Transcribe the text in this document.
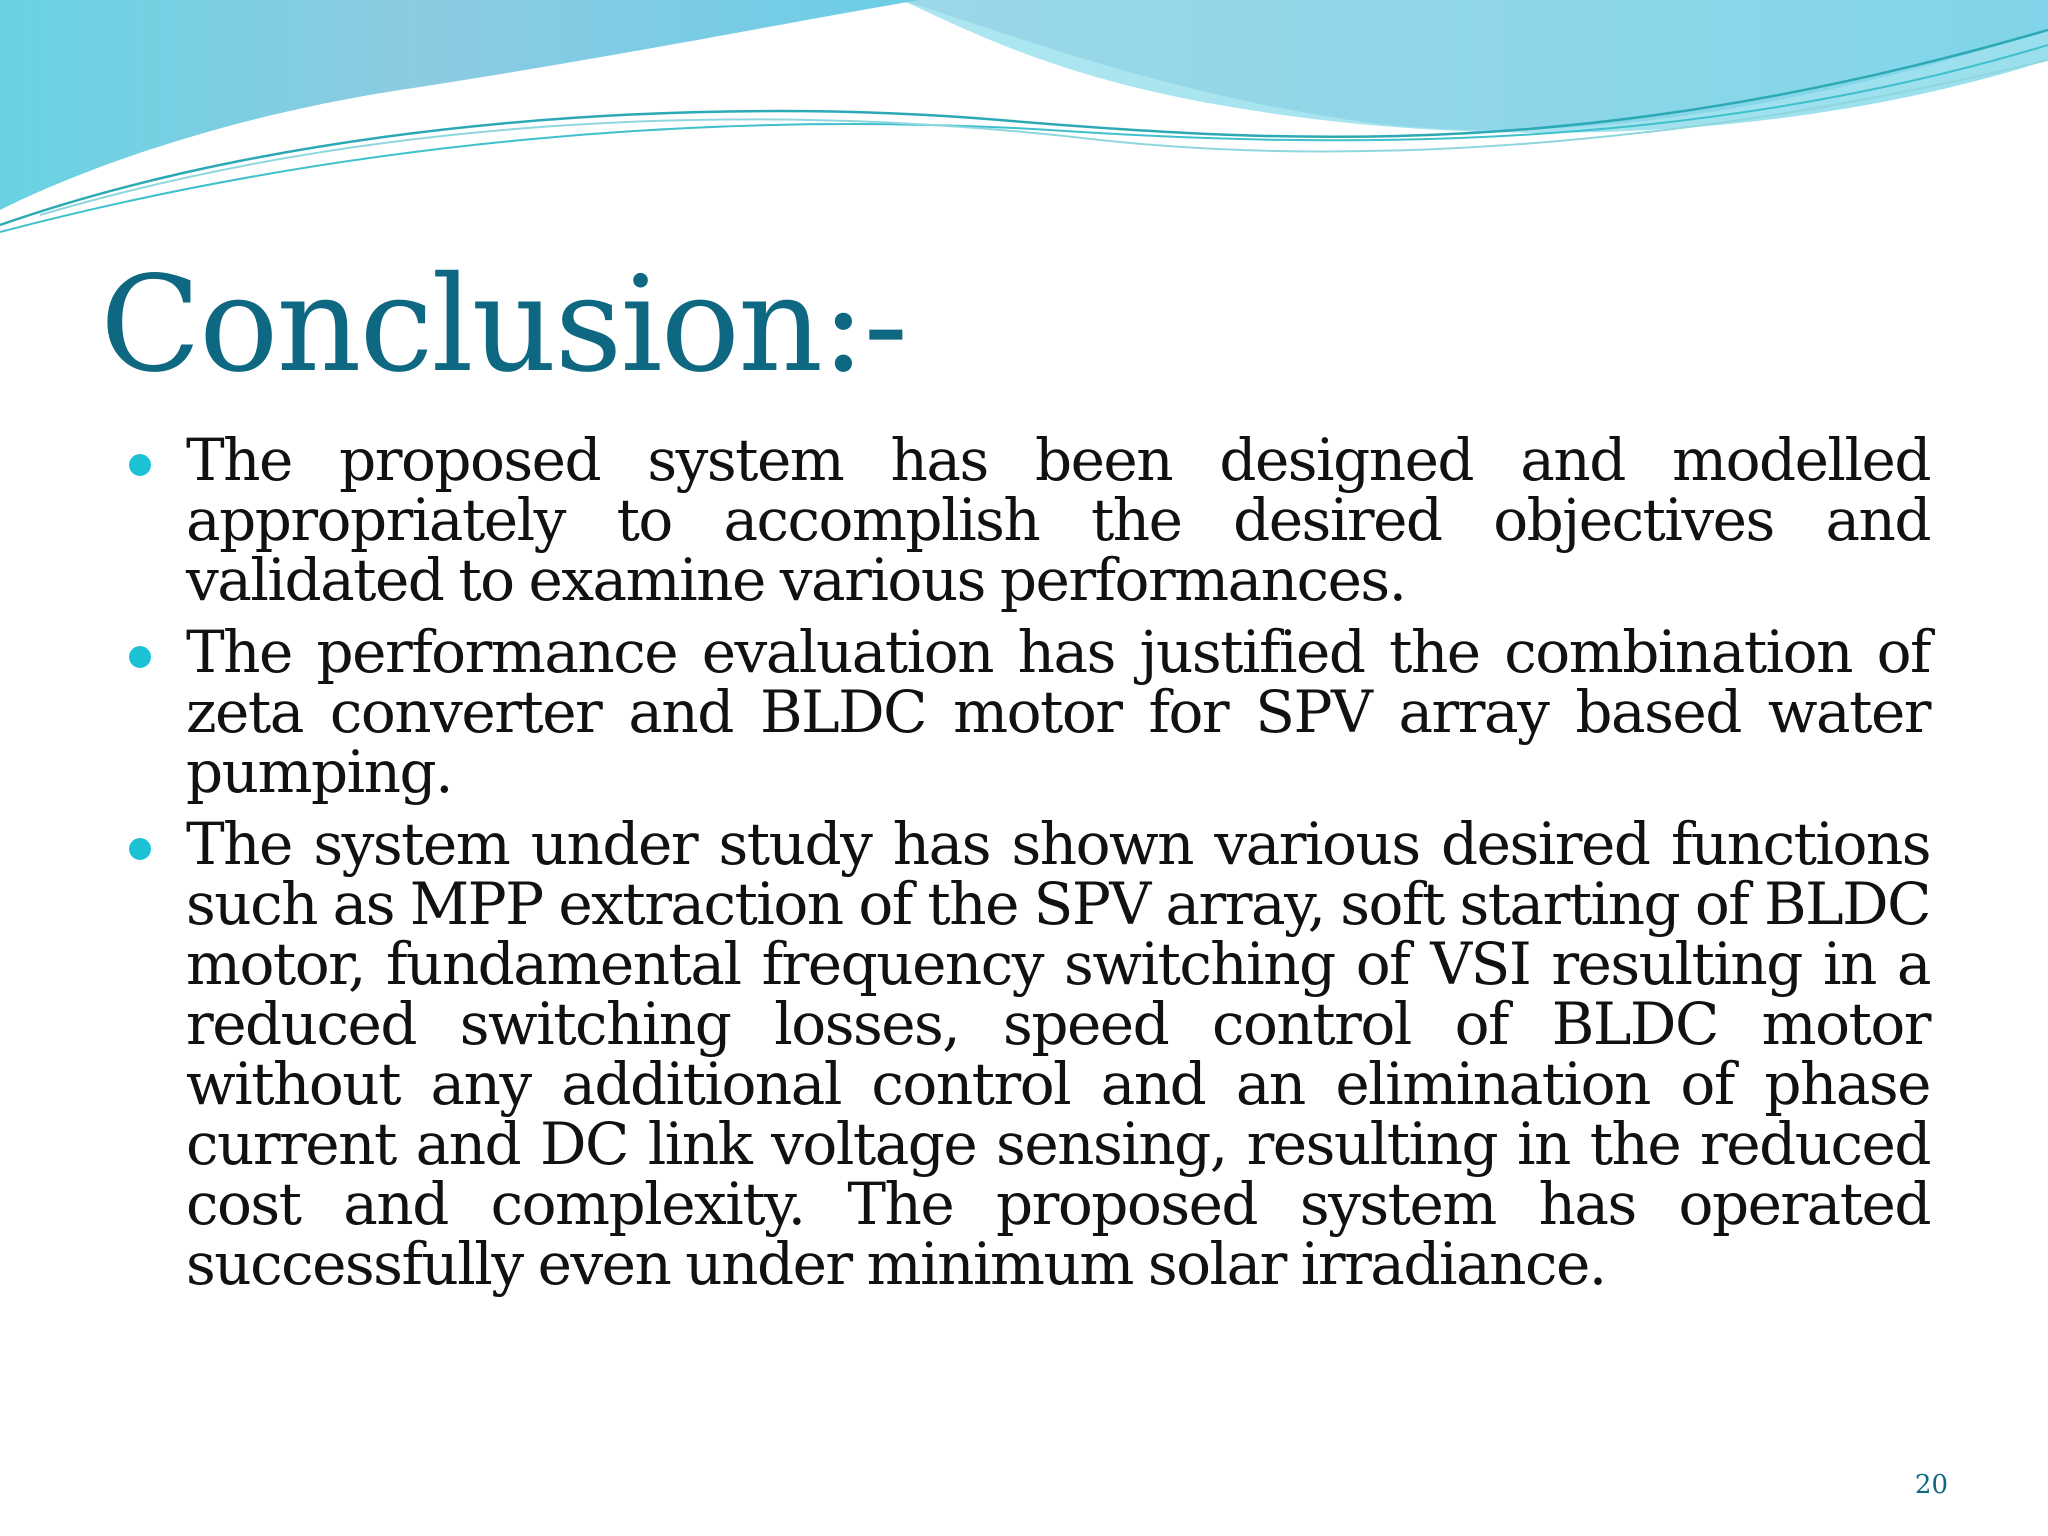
Conclusion:-
The proposed system has been designed and modelled appropriately to accomplish the desired objectives and validated to examine various performances.
The performance evaluation has justified the combination of zeta converter and BLDC motor for SPV array based water pumping.
The system under study has shown various desired functions such as MPP extraction of the SPV array, soft starting of BLDC motor, fundamental frequency switching of VSI resulting in a reduced switching losses, speed control of BLDC motor without any additional control and an elimination of phase current and DC link voltage sensing, resulting in the reduced cost and complexity. The proposed system has operated successfully even under minimum solar irradiance.
20
